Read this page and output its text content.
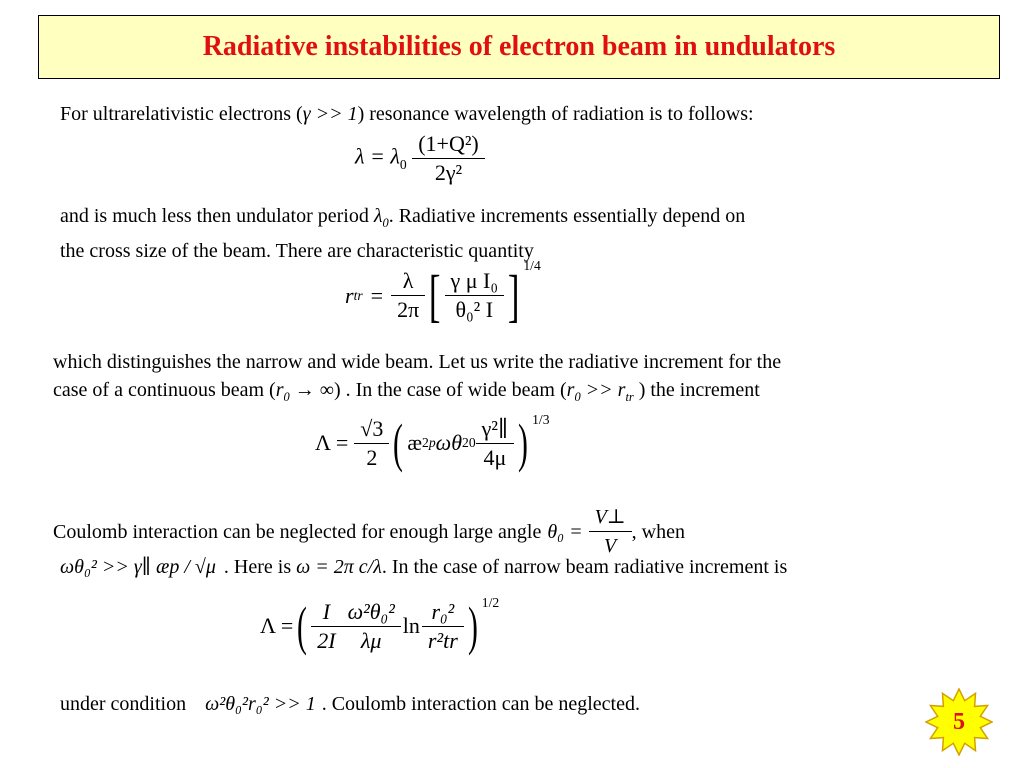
Radiative instabilities of electron beam in undulators
For ultrarelativistic electrons (γ >> 1) resonance wavelength of radiation is to follows:
$\lambda = \lambda_0 \frac{\text{(1+Q²)}}{\text{2γ²}}$
and is much less then undulator period $\lambda_0$. Radiative increments essentially depend on
the cross size of the beam. There are characteristic quantity
r tr = $\frac{\lambda}{2\pi}$ [ $\frac{\text{γ μ I₀}}{\text{θ₀² I}}$ ] $^{1/4}$
which distinguishes the narrow and wide beam. Let us write the radiative increment for the
case of a continuous beam ($r_0$ → ∞) . In the case of wide beam ($r_0 >> r_{tr}$ ) the increment
$\Lambda = \frac{√3}{2}$ ( æ 2 p ωθ 2 $0 \frac{\text{γ²∥}}{4\mu}$ ) $^{1/3}$
Coulomb interaction can be neglected for enough large angle $\theta_0 = \frac{V\perp}{V}$ , when
ωθ₀² >> γ∥ æp / √μ . Here is ω = 2π c/λ. In the case of narrow beam radiative increment is
Λ = ( $\frac{I}{2I} \frac{\text{ω²θ₀²}}{\lambda\mu}$ $\ln \frac{\text{r₀²}}{\text{r²tr}}$ ) $^{1/2}$
under condition ω²θ₀²r₀² >> 1 . Coulomb interaction can be neglected.
5
